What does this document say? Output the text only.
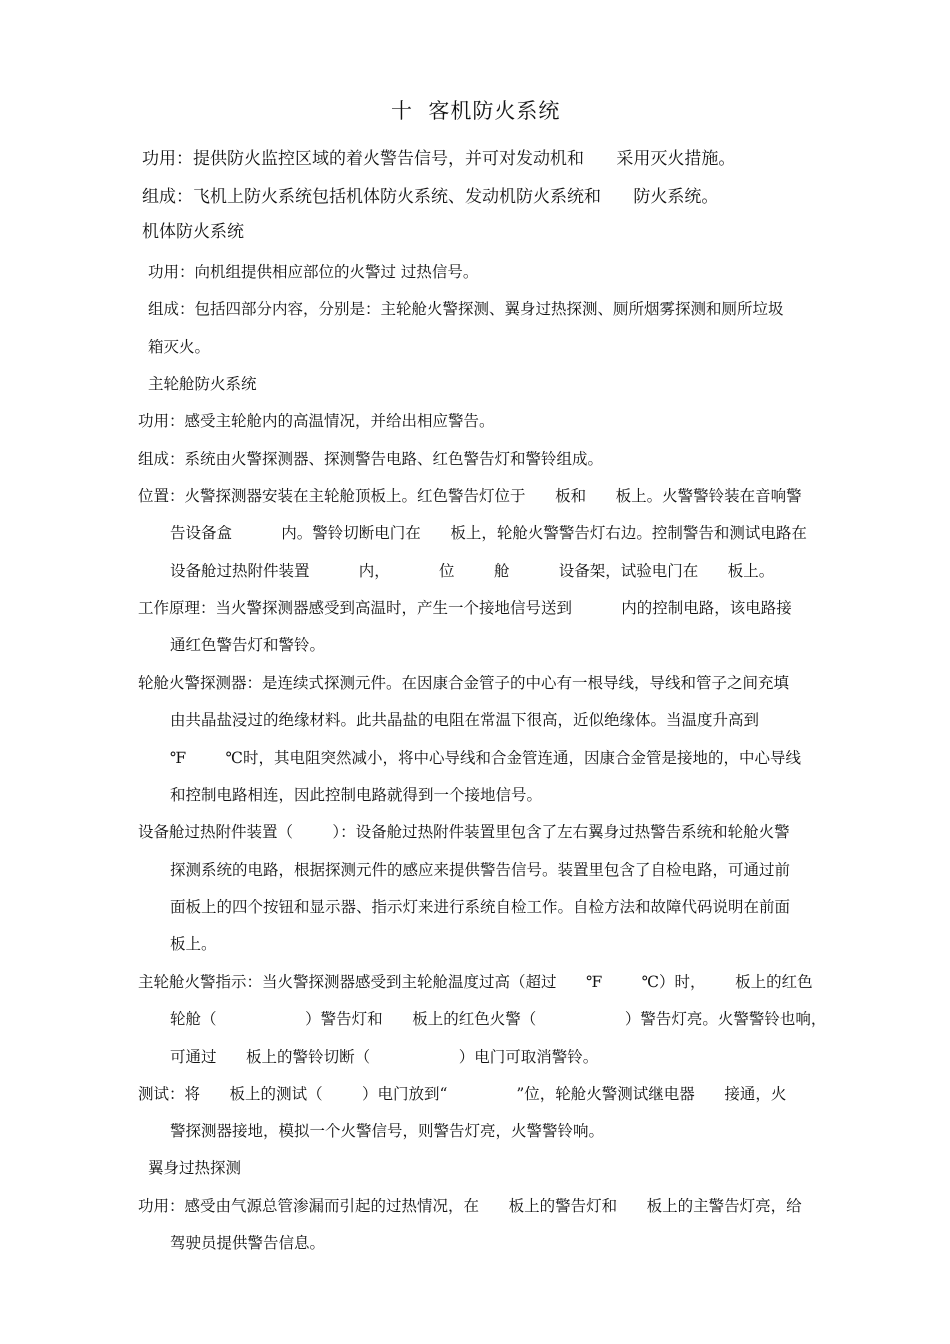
十  客机防火系统
功用：提供防火监控区域的着火警告信号，并可对发动机和      采用灭火措施。
组成：飞机上防火系统包括机体防火系统、发动机防火系统和      防火系统。
机体防火系统
功用：向机组提供相应部位的火警过 过热信号。
组成：包括四部分内容，分别是：主轮舱火警探测、翼身过热探测、厕所烟雾探测和厕所垃圾
箱灭火。
主轮舱防火系统
功用：感受主轮舱内的高温情况，并给出相应警告。
组成：系统由火警探测器、探测警告电路、红色警告灯和警铃组成。
位置：火警探测器安装在主轮舱顶板上。红色警告灯位于      板和      板上。火警警铃装在音响警
告设备盒          内。警铃切断电门在      板上，轮舱火警警告灯右边。控制警告和测试电路在
设备舱过热附件装置          内，          位        舱          设备架，试验电门在      板上。
工作原理：当火警探测器感受到高温时，产生一个接地信号送到          内的控制电路，该电路接
通红色警告灯和警铃。
轮舱火警探测器：是连续式探测元件。在因康合金管子的中心有一根导线，导线和管子之间充填
由共晶盐浸过的绝缘材料。此共晶盐的电阻在常温下很高，近似绝缘体。当温度升高到
℉        ℃时，其电阻突然减小，将中心导线和合金管连通，因康合金管是接地的，中心导线
和控制电路相连，因此控制电路就得到一个接地信号。
设备舱过热附件装置（        ）：设备舱过热附件装置里包含了左右翼身过热警告系统和轮舱火警
探测系统的电路，根据探测元件的感应来提供警告信号。装置里包含了自检电路，可通过前
面板上的四个按钮和显示器、指示灯来进行系统自检工作。自检方法和故障代码说明在前面
板上。
主轮舱火警指示：当火警探测器感受到主轮舱温度过高（超过      ℉        ℃）时，      板上的红色
轮舱（                  ）警告灯和      板上的红色火警（                  ）警告灯亮。火警警铃也响，
可通过      板上的警铃切断（                  ）电门可取消警铃。
测试：将      板上的测试（        ）电门放到“              ”位，轮舱火警测试继电器      接通，火
警探测器接地，模拟一个火警信号，则警告灯亮，火警警铃响。
翼身过热探测
功用：感受由气源总管渗漏而引起的过热情况，在      板上的警告灯和      板上的主警告灯亮，给
驾驶员提供警告信息。
